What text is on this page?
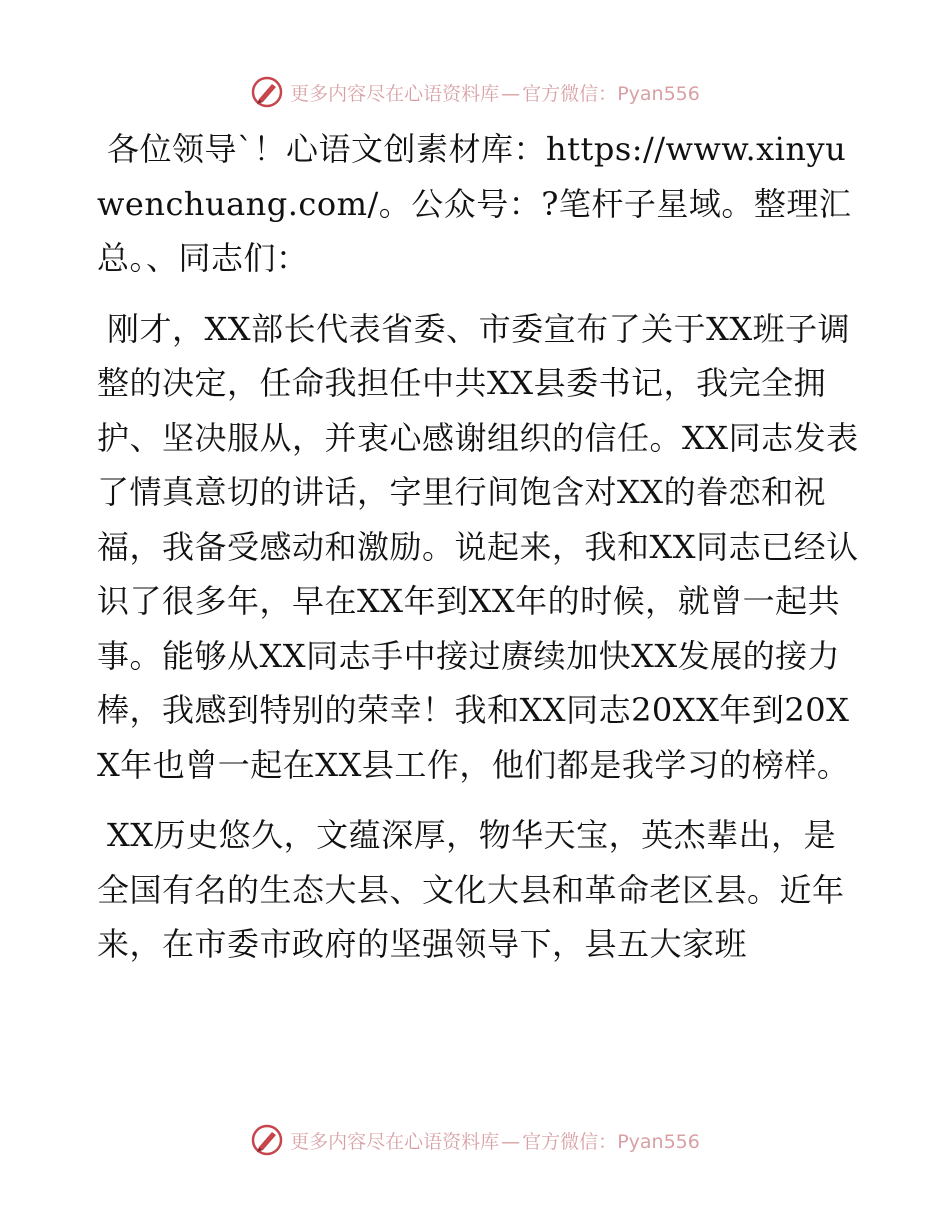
更多内容尽在心语资料库 — 官方微信：Pyan556

各位领导`！心语文创素材库：https://www.xinyuwenchuang.com/。公众号：?笔杆子星域。整理汇总。、同志们：

刚才，XX部长代表省委、市委宣布了关于XX班子调整的决定，任命我担任中共XX县委书记，我完全拥护、坚决服从，并衷心感谢组织的信任。XX同志发表了情真意切的讲话，字里行间饱含对XX的眷恋和祝福，我备受感动和激励。说起来，我和XX同志已经认识了很多年，早在XX年到XX年的时候，就曾一起共事。能够从XX同志手中接过赓续加快XX发展的接力棒，我感到特别的荣幸！我和XX同志20XX年到20XX年也曾一起在XX县工作，他们都是我学习的榜样。

XX历史悠久，文蕴深厚，物华天宝，英杰辈出，是全国有名的生态大县、文化大县和革命老区县。近年来，在市委市政府的坚强领导下，县五大家班

更多内容尽在心语资料库 — 官方微信：Pyan556
